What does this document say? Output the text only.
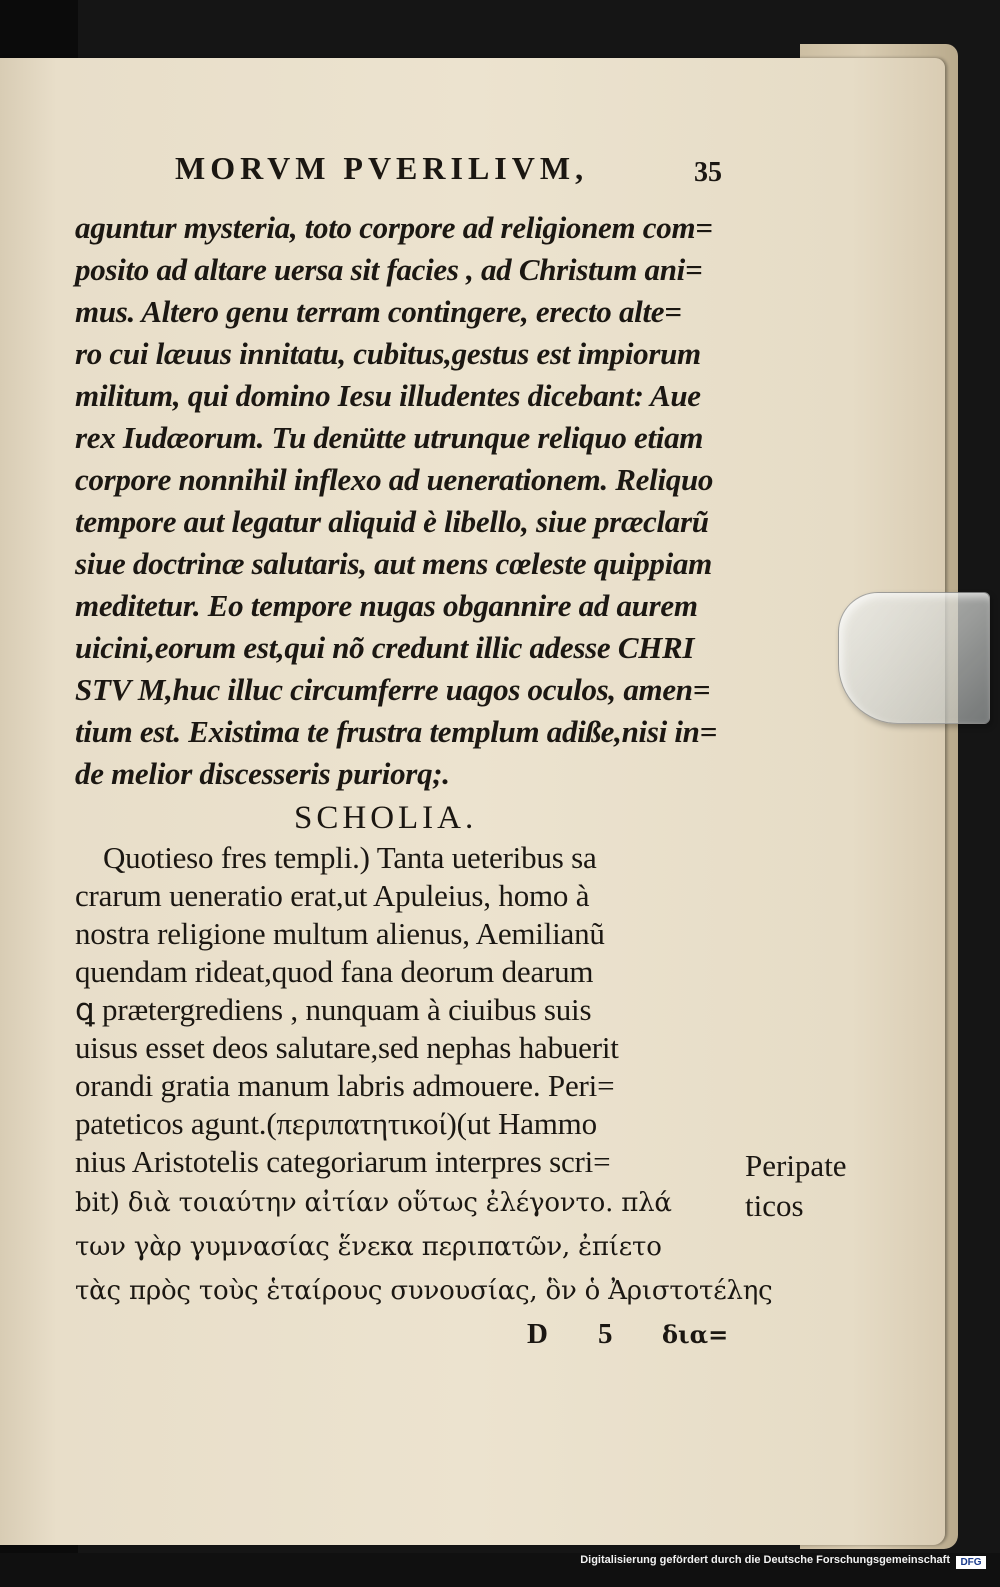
MORVM PVERILIVM,	35
aguntur mysteria, toto corpore ad religionem com=
posito ad altare uersa sit facies , ad Christum ani=
mus. Altero genu terram contingere, erecto alte=
ro cui læuus innitatu, cubitus,gestus est impiorum
militum, qui domino Iesu illudentes dicebant: Aue
rex Iudæorum. Tu denütte utrunque reliquo etiam
corpore nonnihil inflexo ad uenerationem. Reliquo
tempore aut legatur aliquid è libello, siue præclarũ
siue doctrinæ salutaris, aut mens cœleste quippiam
meditetur. Eo tempore nugas obgannire ad aurem
uicini,eorum est,qui nõ credunt illic adesse CHRI
STV M,huc illuc circumferre uagos oculos, amen=
tium est. Existima te frustra templum adiße,nisi in=
de melior discesseris puriorq;.
SCHOLIA.
Quotieso fres templi.) Tanta ueteribus sa
crarum ueneratio erat,ut Apuleius, homo à
nostra religione multum alienus, Aemilianũ
quendam rideat,quod fana deorum dearum
ꝗ prætergrediens , nunquam à ciuibus suis
uisus esset deos salutare,sed nephas habuerit
orandi gratia manum labris admouere. Peri=
pateticos agunt.(περιπατητικοί)(ut Hammo
nius Aristotelis categoriarum interpres scri=
bit) διὰ τοιαύτην αἰτίαν οὕτως ἐλέγοντο. πλά
των γὰρ γυμνασίας ἕνεκα περιπατῶν, ἐπίετο
τὰς πρὸς τοὺς ἑταίρους συνουσίας, ὃν ὁ Ἀριστοτέλης
Peripate
ticos
D 5 δια=
Digitalisierung gefördert durch die Deutsche Forschungsgemeinschaft	DFG
